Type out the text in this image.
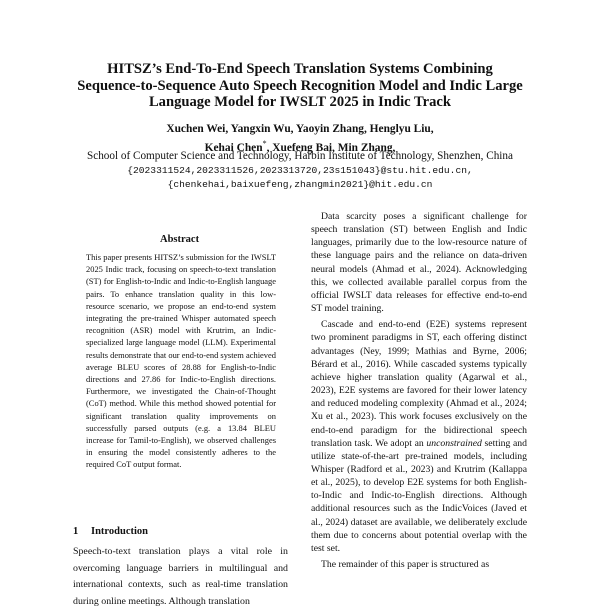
HITSZ’s End-To-End Speech Translation Systems Combining
Sequence-to-Sequence Auto Speech Recognition Model and Indic Large
Language Model for IWSLT 2025 in Indic Track
Xuchen Wei, Yangxin Wu, Yaoyin Zhang, Henglyu Liu,
Kehai Chen*, Xuefeng Bai, Min Zhang,
School of Computer Science and Technology, Harbin Institute of Technology, Shenzhen, China
{2023311524,2023311526,2023313720,23s151043}@stu.hit.edu.cn,
{chenkehai,baixuefeng,zhangmin2021}@hit.edu.cn
Abstract
This paper presents HITSZ’s submission for the IWSLT 2025 Indic track, focusing on speech-to-text translation (ST) for English-to-Indic and Indic-to-English language pairs. To enhance translation quality in this low-resource scenario, we propose an end-to-end system integrating the pre-trained Whisper automated speech recognition (ASR) model with Krutrim, an Indic-specialized large language model (LLM). Experimental results demonstrate that our end-to-end system achieved average BLEU scores of 28.88 for English-to-Indic directions and 27.86 for Indic-to-English directions. Furthermore, we investigated the Chain-of-Thought (CoT) method. While this method showed potential for significant translation quality improvements on successfully parsed outputs (e.g. a 13.84 BLEU increase for Tamil-to-English), we observed challenges in ensuring the model consistently adheres to the required CoT output format.
1 Introduction
Speech-to-text translation plays a vital role in overcoming language barriers in multilingual and international contexts, such as real-time translation during online meetings. Although translation

Data scarcity poses a significant challenge for speech translation (ST) between English and Indic languages, primarily due to the low-resource nature of these language pairs and the reliance on data-driven neural models (Ahmad et al., 2024). Acknowledging this, we collected available parallel corpus from the official IWSLT data releases for effective end-to-end ST model training.

Cascade and end-to-end (E2E) systems represent two prominent paradigms in ST, each offering distinct advantages (Ney, 1999; Mathias and Byrne, 2006; Bérard et al., 2016). While cascaded systems typically achieve higher translation quality (Agarwal et al., 2023), E2E systems are favored for their lower latency and reduced modeling complexity (Ahmad et al., 2024; Xu et al., 2023). This work focuses exclusively on the end-to-end paradigm for the bidirectional speech translation task. We adopt an unconstrained setting and utilize state-of-the-art pre-trained models, including Whisper (Radford et al., 2023) and Krutrim (Kallappa et al., 2025), to develop E2E systems for both English-to-Indic and Indic-to-English directions. Although additional resources such as the IndicVoices (Javed et al., 2024) dataset are available, we deliberately exclude them due to concerns about potential overlap with the test set.

The remainder of this paper is structured as
